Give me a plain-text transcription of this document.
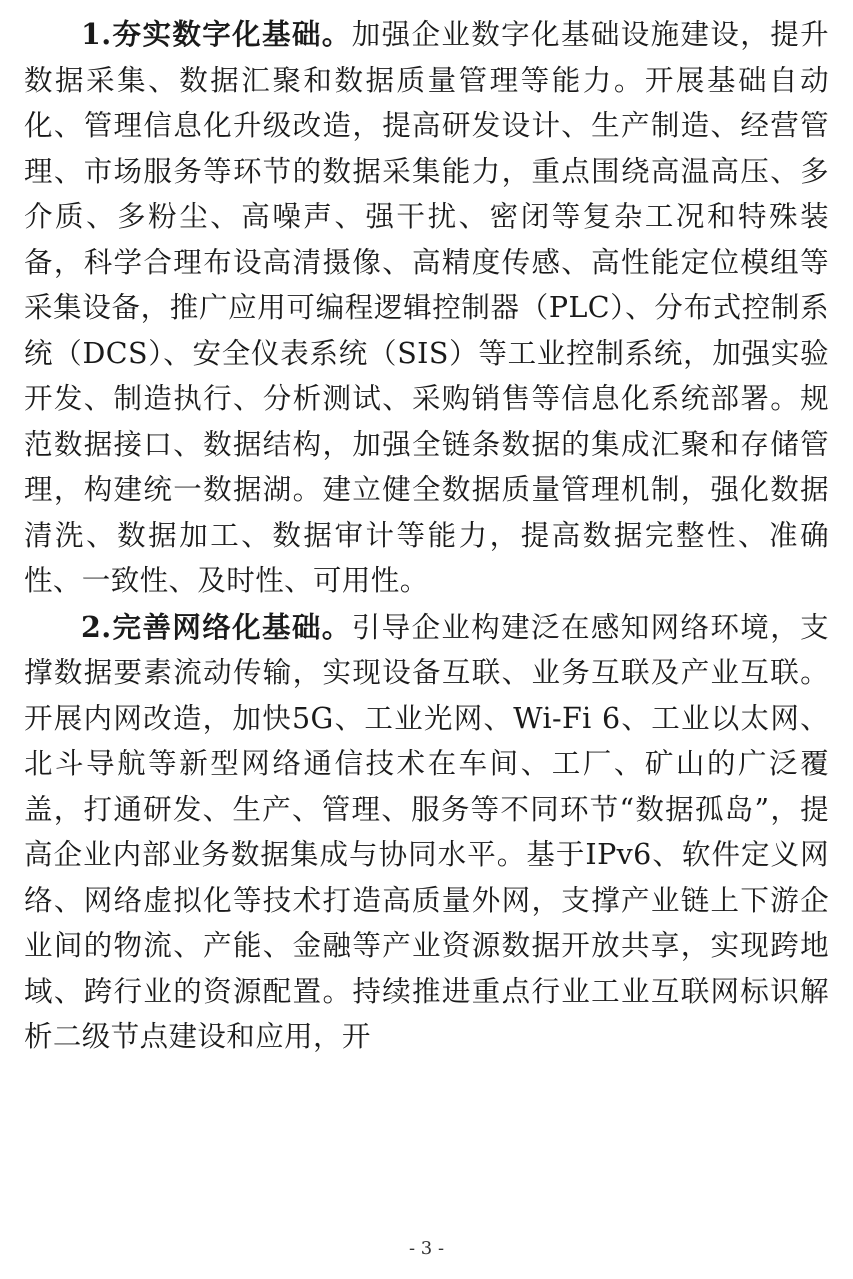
1.夯实数字化基础。加强企业数字化基础设施建设，提升数据采集、数据汇聚和数据质量管理等能力。开展基础自动化、管理信息化升级改造，提高研发设计、生产制造、经营管理、市场服务等环节的数据采集能力，重点围绕高温高压、多介质、多粉尘、高噪声、强干扰、密闭等复杂工况和特殊装备，科学合理布设高清摄像、高精度传感、高性能定位模组等采集设备，推广应用可编程逻辑控制器（PLC）、分布式控制系统（DCS）、安全仪表系统（SIS）等工业控制系统，加强实验开发、制造执行、分析测试、采购销售等信息化系统部署。规范数据接口、数据结构，加强全链条数据的集成汇聚和存储管理，构建统一数据湖。建立健全数据质量管理机制，强化数据清洗、数据加工、数据审计等能力，提高数据完整性、准确性、一致性、及时性、可用性。

2.完善网络化基础。引导企业构建泛在感知网络环境，支撑数据要素流动传输，实现设备互联、业务互联及产业互联。开展内网改造，加快5G、工业光网、Wi-Fi 6、工业以太网、北斗导航等新型网络通信技术在车间、工厂、矿山的广泛覆盖，打通研发、生产、管理、服务等不同环节“数据孤岛”，提高企业内部业务数据集成与协同水平。基于IPv6、软件定义网络、网络虚拟化等技术打造高质量外网，支撑产业链上下游企业间的物流、产能、金融等产业资源数据开放共享，实现跨地域、跨行业的资源配置。持续推进重点行业工业互联网标识解析二级节点建设和应用，开

- 3 -
